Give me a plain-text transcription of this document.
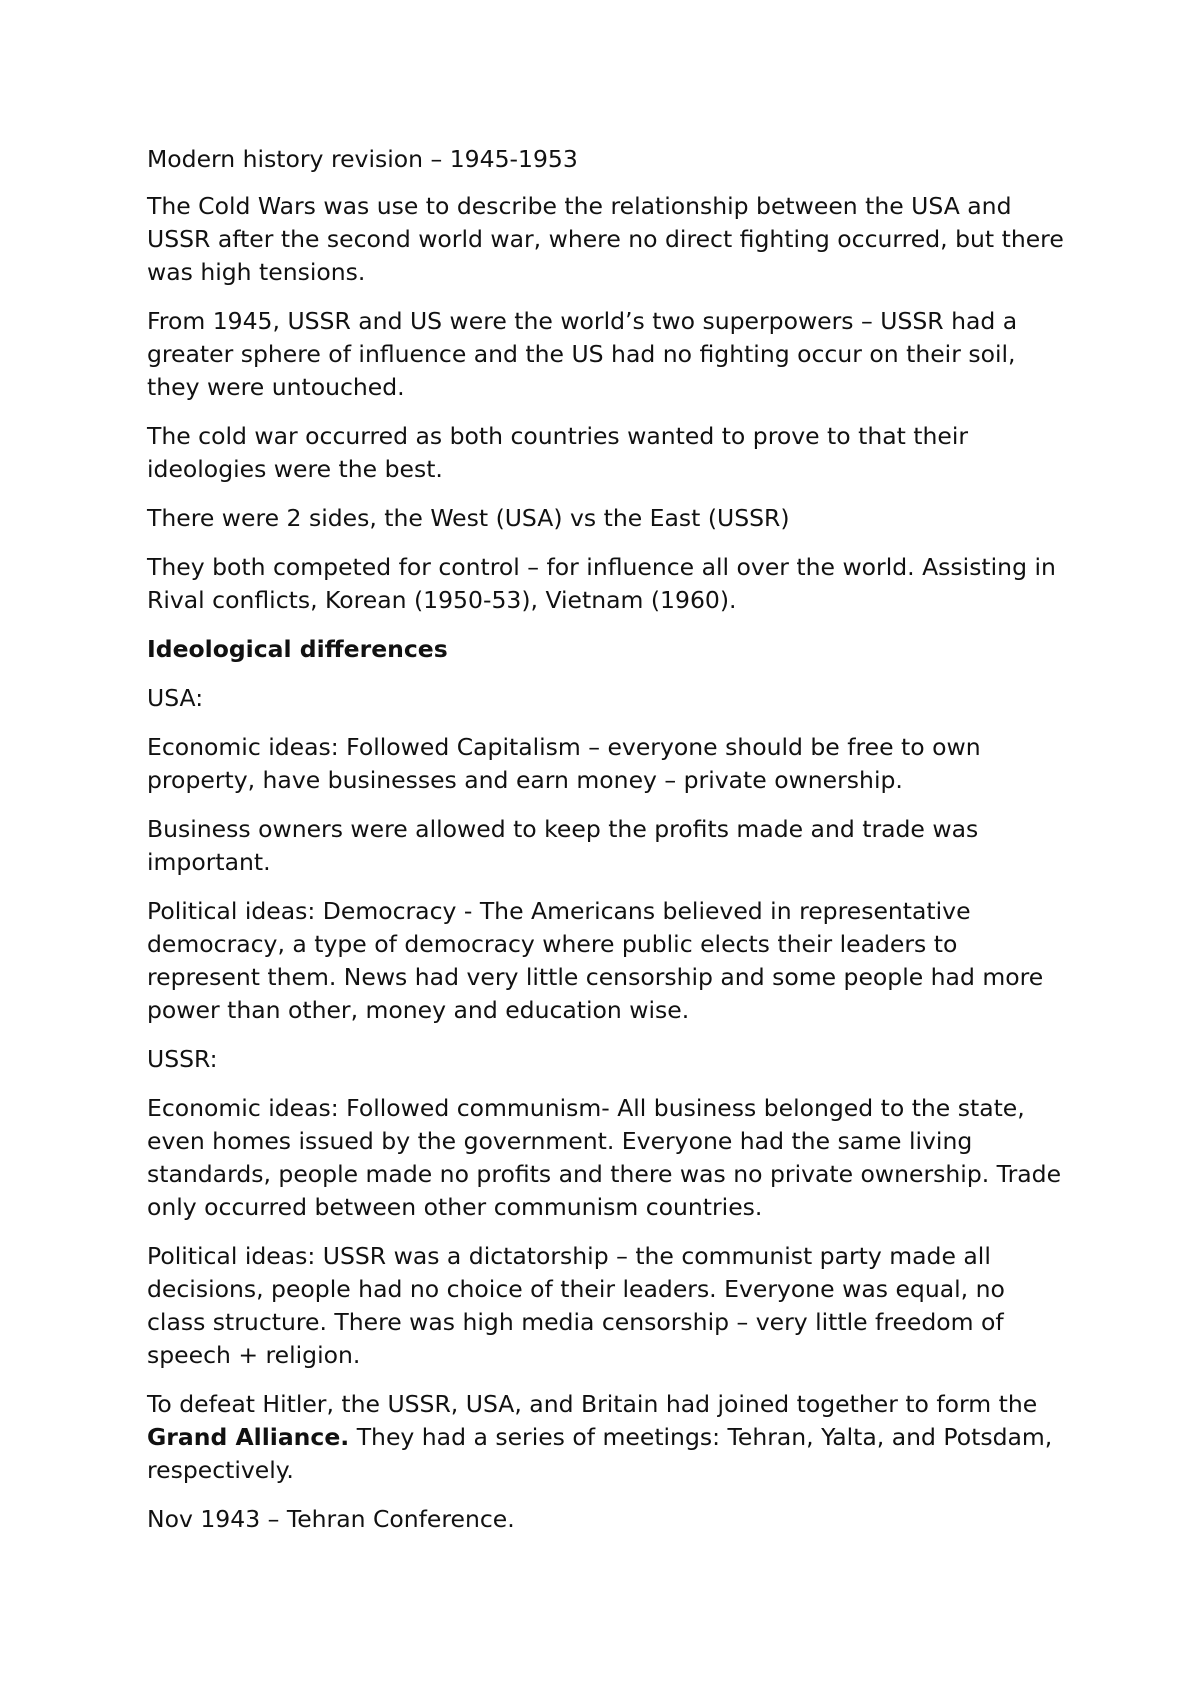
Modern history revision – 1945-1953

The Cold Wars was use to describe the relationship between the USA and USSR after the second world war, where no direct fighting occurred, but there was high tensions.

From 1945, USSR and US were the world’s two superpowers – USSR had a greater sphere of influence and the US had no fighting occur on their soil, they were untouched.

The cold war occurred as both countries wanted to prove to that their ideologies were the best.

There were 2 sides, the West (USA) vs the East (USSR)

They both competed for control – for influence all over the world. Assisting in Rival conflicts, Korean (1950-53), Vietnam (1960).

Ideological differences

USA:

Economic ideas: Followed Capitalism – everyone should be free to own property, have businesses and earn money – private ownership.

Business owners were allowed to keep the profits made and trade was important.

Political ideas: Democracy - The Americans believed in representative democracy, a type of democracy where public elects their leaders to represent them. News had very little censorship and some people had more power than other, money and education wise.

USSR:

Economic ideas: Followed communism- All business belonged to the state, even homes issued by the government. Everyone had the same living standards, people made no profits and there was no private ownership. Trade only occurred between other communism countries.

Political ideas: USSR was a dictatorship – the communist party made all decisions, people had no choice of their leaders. Everyone was equal, no class structure. There was high media censorship – very little freedom of speech + religion.

To defeat Hitler, the USSR, USA, and Britain had joined together to form the Grand Alliance. They had a series of meetings: Tehran, Yalta, and Potsdam, respectively.

Nov 1943 – Tehran Conference.
